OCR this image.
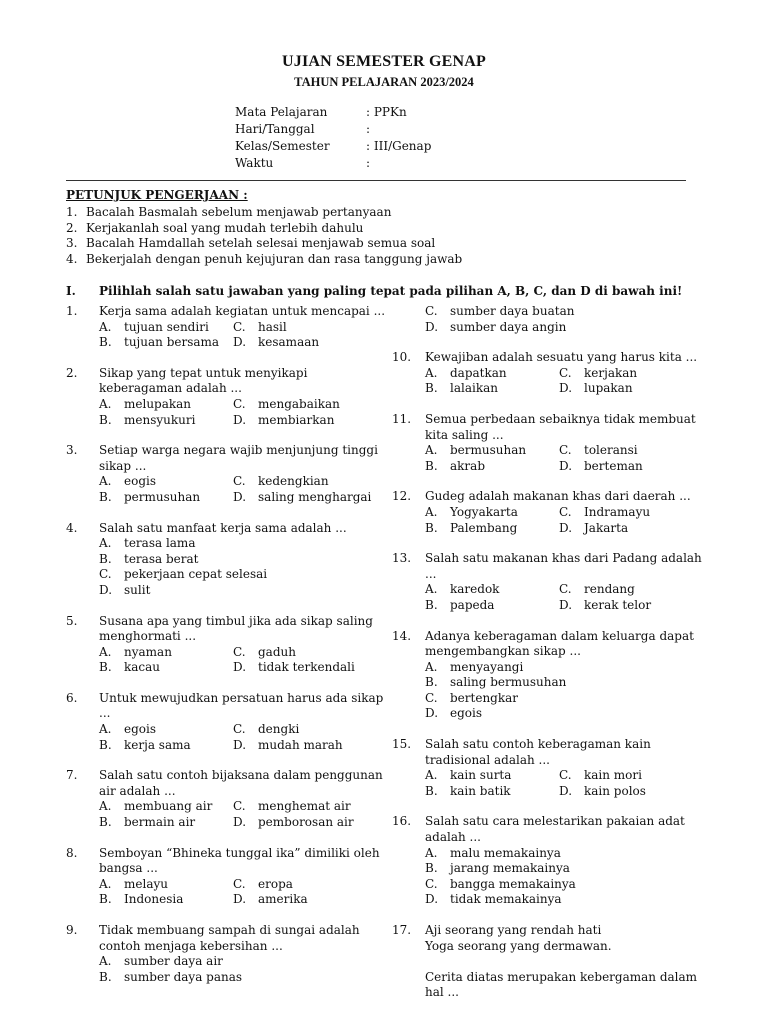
UJIAN SEMESTER GENAP
TAHUN PELAJARAN 2023/2024
Mata Pelajaran	: PPKn
Hari/Tanggal	:
Kelas/Semester	: III/Genap
Waktu	:
PETUNJUK PENGERJAAN :
1. Bacalah Basmalah sebelum menjawab pertanyaan
2. Kerjakanlah soal yang mudah terlebih dahulu
3. Bacalah Hamdallah setelah selesai menjawab semua soal
4. Bekerjalah dengan penuh kejujuran dan rasa tanggung jawab
I. Pilihlah salah satu jawaban yang paling tepat pada pilihan A, B, C, dan D di bawah ini!
1.	Kerja sama adalah kegiatan untuk mencapai ...
A.	tujuan sendiri C.	hasil
B.	tujuan bersama D. kesamaan
2.	Sikap yang tepat untuk menyikapi keberagaman adalah ...
A.	melupakan	C.	mengabaikan
B.	mensyukuri	D. membiarkan
3.	Setiap warga negara wajib menjunjung tinggi sikap ...
A.	eogis	C.	kedengkian
B.	permusuhan	D. saling menghargai
4.	Salah satu manfaat kerja sama adalah ...
A.	terasa lama
B.	terasa berat
C.	pekerjaan cepat selesai
D. sulit
5.	Susana apa yang timbul jika ada sikap saling menghormati ...
A.	nyaman	C.	gaduh
B.	kacau	D. tidak terkendali
6.	Untuk mewujudkan persatuan harus ada sikap ...
A.	egois	C.	dengki
B.	kerja sama	D. mudah marah
7.	Salah satu contoh bijaksana dalam penggunan air adalah ...
A.	membuang air C.	menghemat air
B.	bermain air	D. pemborosan air
8.	Semboyan “Bhineka tunggal ika” dimiliki oleh bangsa ...
A.	melayu	C.	eropa
B.	Indonesia	D. amerika
9.	Tidak membuang sampah di sungai adalah contoh menjaga kebersihan ...
A.	sumber daya air
B.	sumber daya panas
C.	sumber daya buatan
D. sumber daya angin
10.	Kewajiban adalah sesuatu yang harus kita ...
A.	dapatkan	C.	kerjakan
B.	lalaikan	D. lupakan
11.	Semua perbedaan sebaiknya tidak membuat kita saling ...
A.	bermusuhan	C.	toleransi
B.	akrab	D. berteman
12.	Gudeg adalah makanan khas dari daerah ...
A.	Yogyakarta	C.	Indramayu
B.	Palembang	D. Jakarta
13.	Salah satu makanan khas dari Padang adalah ...
A.	karedok	C.	rendang
B.	papeda	D. kerak telor
14.	Adanya keberagaman dalam keluarga dapat mengembangkan sikap ...
A.	menyayangi
B.	saling bermusuhan
C.	bertengkar
D. egois
15.	Salah satu contoh keberagaman kain tradisional adalah ...
A.	kain surta	C.	kain mori
B.	kain batik	D. kain polos
16.	Salah satu cara melestarikan pakaian adat adalah ...
A.	malu memakainya
B.	jarang memakainya
C.	bangga memakainya
D. tidak memakainya
17.	Aji seorang yang rendah hati
Yoga seorang yang dermawan.
Cerita diatas merupakan kebergaman dalam hal ...
